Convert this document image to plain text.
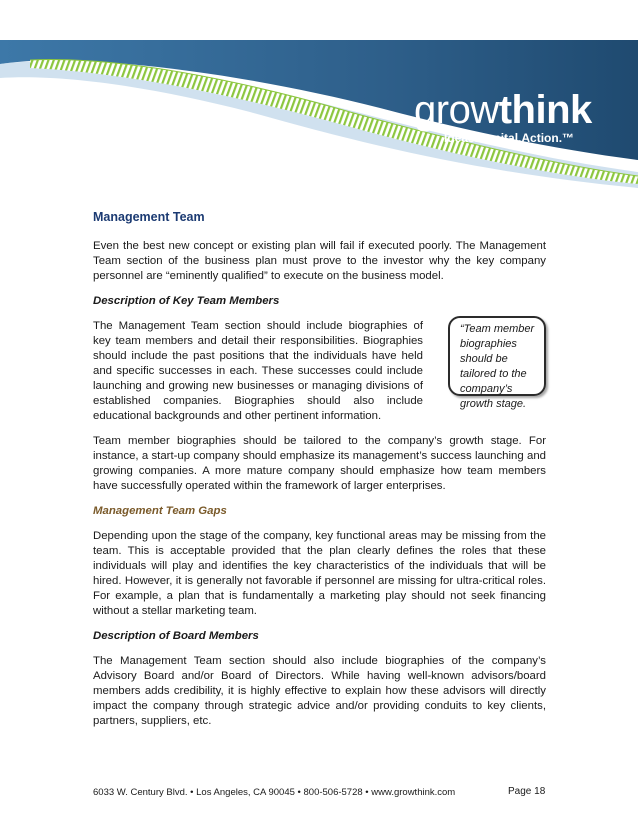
growthink
Ideas.Capital.Action.™
Management Team

Even the best new concept or existing plan will fail if executed poorly. The Management Team section of the business plan must prove to the investor why the key company personnel are “eminently qualified” to execute on the business model.

Description of Key Team Members

The Management Team section should include biographies of key team members and detail their responsibilities. Biographies should include the past positions that the individuals have held and specific successes in each. These successes could include launching and growing new businesses or managing divisions of established companies. Biographies should also include educational backgrounds and other pertinent information.

“Team member biographies should be tailored to the company’s growth stage.

Team member biographies should be tailored to the company’s growth stage. For instance, a start-up company should emphasize its management’s success launching and growing companies. A more mature company should emphasize how team members have successfully operated within the framework of larger enterprises.

Management Team Gaps

Depending upon the stage of the company, key functional areas may be missing from the team. This is acceptable provided that the plan clearly defines the roles that these individuals will play and identifies the key characteristics of the individuals that will be hired. However, it is generally not favorable if personnel are missing for ultra-critical roles. For example, a plan that is fundamentally a marketing play should not seek financing without a stellar marketing team.

Description of Board Members

The Management Team section should also include biographies of the company’s Advisory Board and/or Board of Directors. While having well-known advisors/board members adds credibility, it is highly effective to explain how these advisors will directly impact the company through strategic advice and/or providing conduits to key clients, partners, suppliers, etc.

6033 W. Century Blvd. • Los Angeles, CA 90045 • 800-506-5728 • www.growthink.com	Page 18
